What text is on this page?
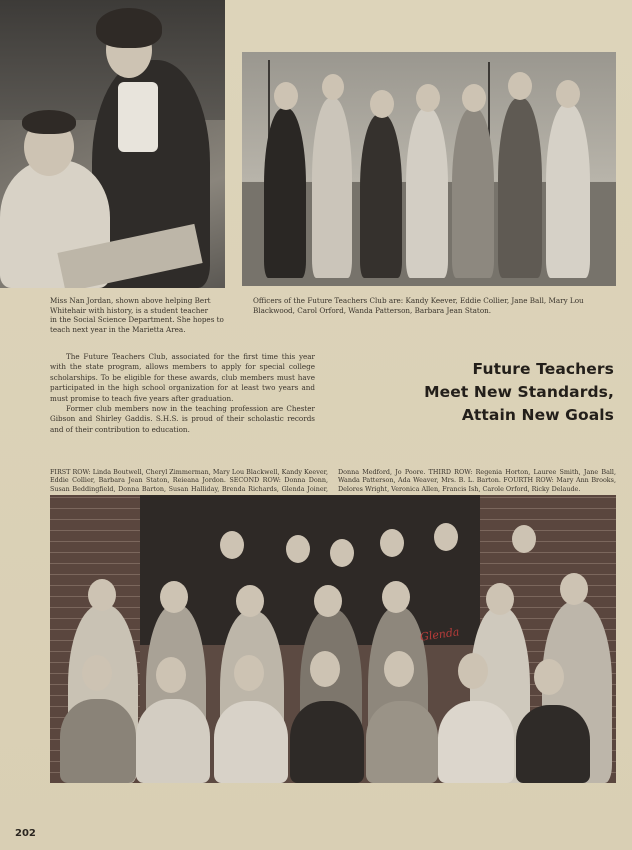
Miss Nan Jordan, shown above helping Bert
Whitehair with history, is a student teacher
in the Social Science Department. She hopes to
teach next year in the Marietta Area.
Officers of the Future Teachers Club are: Kandy Keever, Eddie Collier, Jane Ball, Mary Lou
Blackwood, Carol Orford, Wanda Patterson, Barbara Jean Staton.

The Future Teachers Club, associated for the first time this year with the state program, allows members to apply for special college scholarships. To be eligible for these awards, club members must have participated in the high school organization for at least two years and must promise to teach five years after graduation.

Former club members now in the teaching profession are Chester Gibson and Shirley Gaddis. S.H.S. is proud of their scholastic records and of their contribution to education.

Future Teachers
Meet New Standards,
Attain New Goals
FIRST ROW: Linda Boutwell, Cheryl Zimmerman, Mary Lou Blackwell, Kandy Keever, Eddie Collier, Barbara Jean Staton, Reieana Jordon. SECOND ROW: Donna Donn, Susan Beddingfield, Donna Barton, Susan Halliday, Brenda Richards, Glenda Joiner, Donna Medford, Jo Poore. THIRD ROW: Regenia Horton, Lauree Smith, Jane Ball, Wanda Patterson, Ada Weaver, Mrs. B. L. Barton. FOURTH ROW: Mary Ann Brooks, Delores Wright, Veronica Allen, Francis Ish, Carole Orford, Ricky Delaude.
Glenda
202
